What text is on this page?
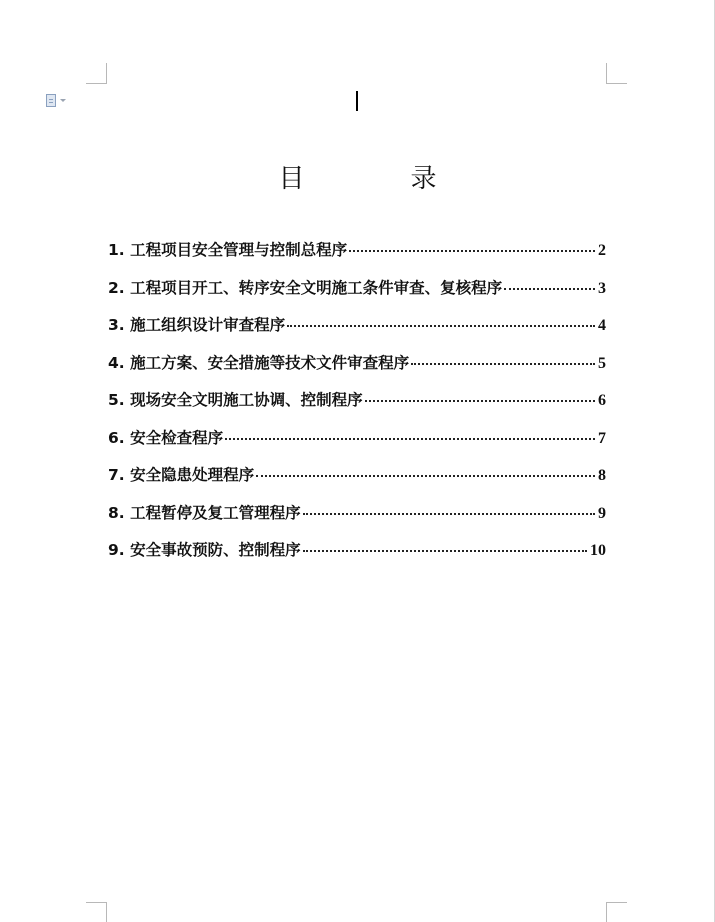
目　录
1. 工程项目安全管理与控制总程序	2
2. 工程项目开工、转序安全文明施工条件审查、复核程序	3
3. 施工组织设计审查程序	4
4. 施工方案、安全措施等技术文件审查程序	5
5. 现场安全文明施工协调、控制程序	6
6. 安全检查程序	7
7. 安全隐患处理程序	8
8. 工程暂停及复工管理程序	9
9. 安全事故预防、控制程序	10
